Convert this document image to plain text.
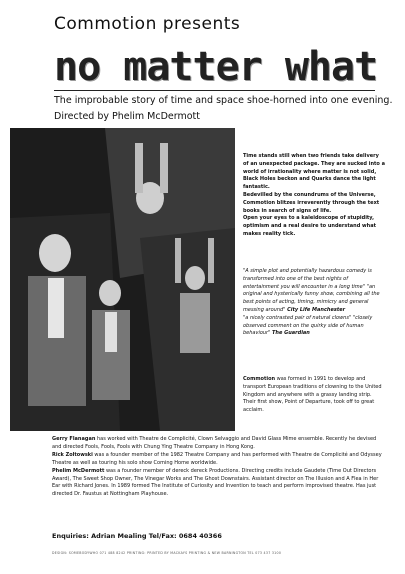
Commotion presents
no matter what
The improbable story of time and space shoe-horned into one evening.
Directed by Phelim McDermott

Time stands still when two friends take delivery of an unexpected package. They are sucked into a world of irrationality where matter is not solid, Black Holes beckon and Quarks dance the light fantastic.

Bedevilled by the conundrums of the Universe, Commotion blitzes irreverently through the text books in search of signs of life.

Open your eyes to a kaleidoscope of stupidity, optimism and a real desire to understand what makes reality tick.

"A simple plot and potentially hazardous comedy is transformed into one of the best nights of entertainment you will encounter in a long time" "an original and hysterically funny show, combining all the best points of acting, timing, mimicry and general messing around" City Life Manchester

"a nicely contrasted pair of natural clowns" "closely observed comment on the quirky side of human behaviour" The Guardian

Commotion was formed in 1991 to develop and transport European traditions of clowning to the United Kingdom and anywhere with a grassy landing strip. Their first show, Point of Departure, took off to great acclaim.

Gerry Flanagan has worked with Theatre de Complicité, Clown Selvaggio and David Glass Mime ensemble. Recently he devised and directed Fools, Fools, Fools with Chung Ying Theatre Company in Hong Kong.

Rick Zoltowski was a founder member of the 1982 Theatre Company and has performed with Theatre de Complicité and Odyssey Theatre as well as touring his solo show Coming Home worldwide.

Phelim McDermott was a founder member of dereck dereck Productions. Directing credits include Gaudete (Time Out Directors Award), The Sweet Shop Owner, The Vinegar Works and The Ghost Downstairs. Assistant director on The Illusion and A Flea in Her Ear with Richard Jones. In 1989 formed The Institute of Curiosity and Invention to teach and perform improvised theatre. Has just directed Dr. Faustus at Nottingham Playhouse.

Enquiries: Adrian Mealing Tel/Fax: 0684 40366
DESIGN: SOMEBODYWHO 071 488 8242 PRINTING: PRINTED BY MACKAYS PRINTING & NEW BARNINGTON TEL 073 437 3100
